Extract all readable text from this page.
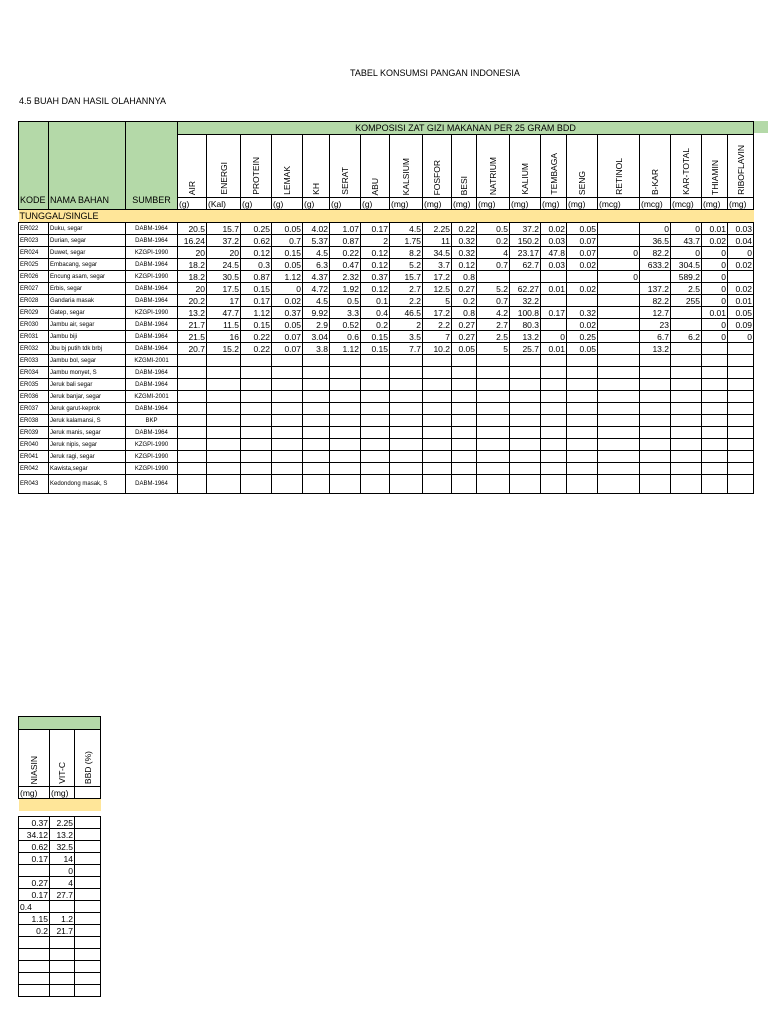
TABEL KONSUMSI PANGAN INDONESIA
4.5 BUAH DAN HASIL OLAHANNYA
KODE	NAMA BAHAN	SUMBER	KOMPOSISI ZAT GIZI MAKANAN PER 25 GRAM BDD																		

			AIR	ENERGI	PROTEIN	LEMAK	KH	SERAT	ABU	KALSIUM	FOSFOR	BESI	NATRIUM	KALIUM	TEMBAGA	SENG	RETINOL	B-KAR	KAR-TOTAL	THIAMIN	RIBOFLAVIN

			(g)	(Kal)	(g)	(g)	(g)	(g)	(g)	(mg)	(mg)	(mg)	(mg)	(mg)	(mg)	(mg)	(mcg)	(mcg)	(mcg)	(mg)	(mg)
TUNGGAL/SINGLE																					
ER022	Duku, segar	DABM-1964	20.5	15.7	0.25	0.05	4.02	1.07	0.17	4.5	2.25	0.22	0.5	37.2	0.02	0.05		0	0	0.01	0.03
ER023	Durian, segar	DABM-1964	16.24	37.2	0.62	0.7	5.37	0.87	2	1.75	11	0.32	0.2	150.2	0.03	0.07		36.5	43.7	0.02	0.04
ER024	Duwet, segar	KZGPI-1990	20	20	0.12	0.15	4.5	0.22	0.12	8.2	34.5	0.32	4	23.17	47.8	0.07	0	82.2	0	0	0
ER025	Embacang, segar	DABM-1964	18.2	24.5	0.3	0.05	6.3	0.47	0.12	5.2	3.7	0.12	0.7	62.7	0.03	0.02		633.2	304.5	0	0.02
ER026	Encung asam, segar	KZGPI-1990	18.2	30.5	0.87	1.12	4.37	2.32	0.37	15.7	17.2	0.8					0		589.2	0	
ER027	Erbis, segar	DABM-1964	20	17.5	0.15	0	4.72	1.92	0.12	2.7	12.5	0.27	5.2	62.27	0.01	0.02		137.2	2.5	0	0.02
ER028	Gandaria masak	DABM-1964	20.2	17	0.17	0.02	4.5	0.5	0.1	2.2	5	0.2	0.7	32.2				82.2	255	0	0.01
ER029	Gatep, segar	KZGPI-1990	13.2	47.7	1.12	0.37	9.92	3.3	0.4	46.5	17.2	0.8	4.2	100.8	0.17	0.32		12.7		0.01	0.05
ER030	Jambu air, segar	DABM-1964	21.7	11.5	0.15	0.05	2.9	0.52	0.2	2	2.2	0.27	2.7	80.3		0.02		23		0	0.09
ER031	Jambu biji	DABM-1964	21.5	16	0.22	0.07	3.04	0.6	0.15	3.5	7	0.27	2.5	13.2	0	0.25		6.7	6.2	0	0
ER032	Jbu bj putih tdk brbj	DABM-1964	20.7	15.2	0.22	0.07	3.8	1.12	0.15	7.7	10.2	0.05	5	25.7	0.01	0.05		13.2			
ER033	Jambu bol, segar	KZGMI-2001																			
ER034	Jambu monyet, S	DABM-1964																			
ER035	Jeruk bali segar	DABM-1964																			
ER036	Jeruk banjar, segar	KZGMI-2001																			
ER037	Jeruk garut-keprok	DABM-1964																			
ER038	Jeruk kalamansi, S	BKP																			
ER039	Jeruk manis, segar	DABM-1964																			
ER040	Jeruk nipis, segar	KZGPI-1990																			
ER041	Jeruk ragi, segar	KZGPI-1990																			
ER042	Kawista,segar	KZGPI-1990																			
ER043	Kedondong masak, S	DABM-1964																			

NIASIN	VIT-C	BBD (%)

(mg)	(mg)	

0.37	2.25	
34.12	13.2	
0.62	32.5	
0.17	14	
	0	
0.27	4	
0.17	27.7	
0.4		
1.15	1.2	
0.2	21.7	
